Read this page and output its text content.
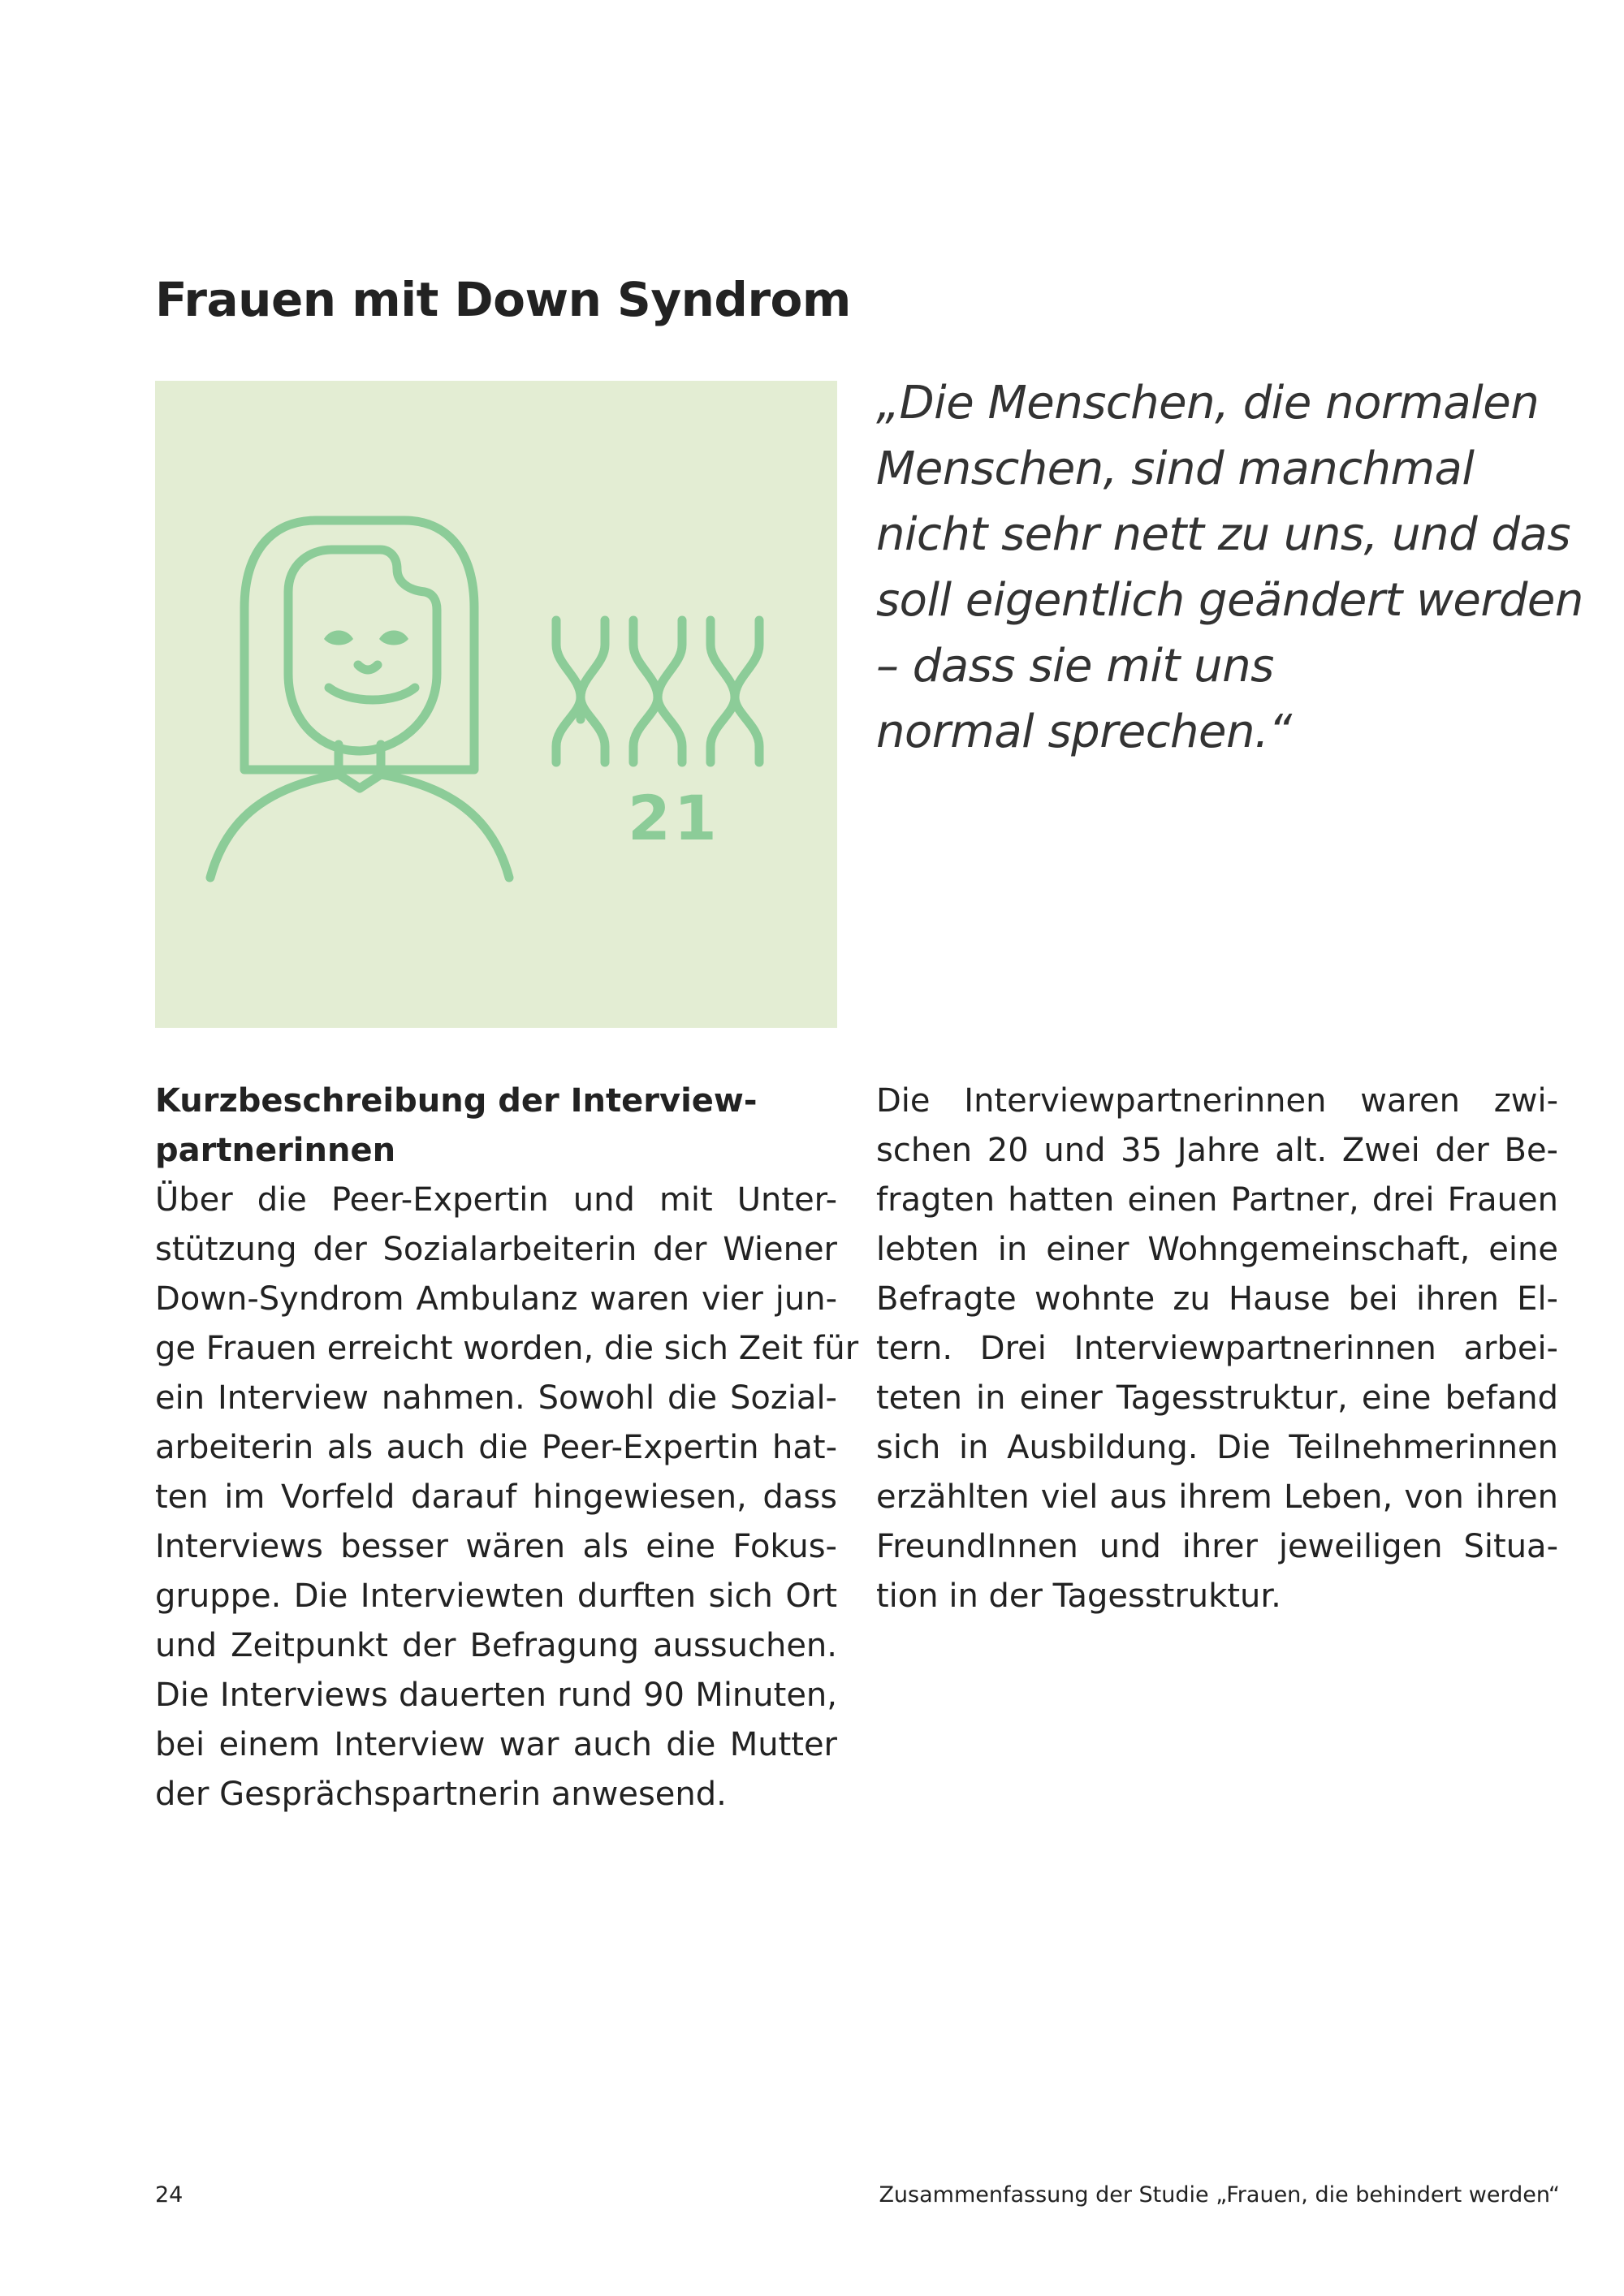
Frauen mit Down Syndrom
21
„Die Menschen, die normalen
Menschen, sind manchmal
nicht sehr nett zu uns, und das
soll eigentlich geändert werden
– dass sie mit uns
normal sprechen.“
Kurzbeschreibung der Interview-
partnerinnen

Über die Peer-Expertin und mit Unter-
stützung der Sozialarbeiterin der Wiener
Down-Syndrom Ambulanz waren vier jun-
ge Frauen erreicht worden, die sich Zeit für
ein Interview nahmen. Sowohl die Sozial-
arbeiterin als auch die Peer-Expertin hat-
ten im Vorfeld darauf hingewiesen, dass
Interviews besser wären als eine Fokus-
gruppe. Die Interviewten durften sich Ort
und Zeitpunkt der Befragung aussuchen.
Die Interviews dauerten rund 90 Minuten,
bei einem Interview war auch die Mutter
der Gesprächspartnerin anwesend.

Die Interviewpartnerinnen waren zwi-
schen 20 und 35 Jahre alt. Zwei der Be-
fragten hatten einen Partner, drei Frauen
lebten in einer Wohngemeinschaft, eine
Befragte wohnte zu Hause bei ihren El-
tern. Drei Interviewpartnerinnen arbei-
teten in einer Tagesstruktur, eine befand
sich in Ausbildung. Die Teilnehmerinnen
erzählten viel aus ihrem Leben, von ihren
FreundInnen und ihrer jeweiligen Situa-
tion in der Tagesstruktur.

24	Zusammenfassung der Studie „Frauen, die behindert werden“
